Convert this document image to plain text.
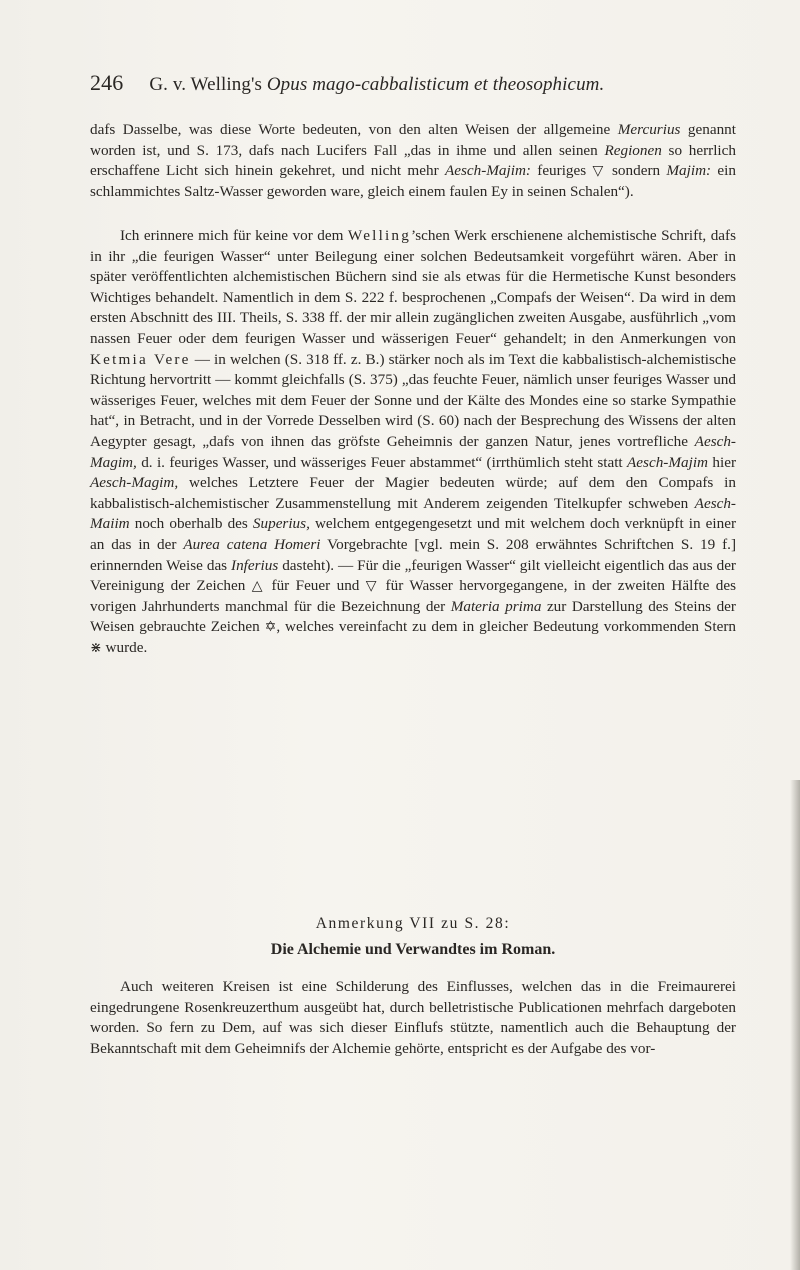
246 G. v. Welling's Opus mago-cabbalisticum et theosophicum.

dafs Dasselbe, was diese Worte bedeuten, von den alten Weisen der allgemeine Mercurius genannt worden ist, und S. 173, dafs nach Lucifers Fall „das in ihme und allen seinen Regionen so herrlich erschaffene Licht sich hinein gekehret, und nicht mehr Aesch-Majim: feuriges ▽ sondern Majim: ein schlammichtes Saltz-Wasser geworden ware, gleich einem faulen Ey in seinen Schalen“).

Ich erinnere mich für keine vor dem Welling’schen Werk erschienene alchemistische Schrift, dafs in ihr „die feurigen Wasser“ unter Beilegung einer solchen Bedeutsamkeit vorgeführt wären. Aber in später veröffentlichten alchemistischen Büchern sind sie als etwas für die Hermetische Kunst besonders Wichtiges behandelt. Namentlich in dem S. 222 f. besprochenen „Compafs der Weisen“. Da wird in dem ersten Abschnitt des III. Theils, S. 338 ff. der mir allein zugänglichen zweiten Ausgabe, ausführlich „vom nassen Feuer oder dem feurigen Wasser und wässerigen Feuer“ gehandelt; in den Anmerkungen von Ketmia Vere — in welchen (S. 318 ff. z. B.) stärker noch als im Text die kabbalistisch-alchemistische Richtung hervortritt — kommt gleichfalls (S. 375) „das feuchte Feuer, nämlich unser feuriges Wasser und wässeriges Feuer, welches mit dem Feuer der Sonne und der Kälte des Mondes eine so starke Sympathie hat“, in Betracht, und in der Vorrede Desselben wird (S. 60) nach der Besprechung des Wissens der alten Aegypter gesagt, „dafs von ihnen das gröfste Geheimnis der ganzen Natur, jenes vortrefliche Aesch-Magim, d. i. feuriges Wasser, und wässeriges Feuer abstammet“ (irrthümlich steht statt Aesch-Majim hier Aesch-Magim, welches Letztere Feuer der Magier bedeuten würde; auf dem den Compafs in kabbalistisch-alchemistischer Zusammenstellung mit Anderem zeigenden Titelkupfer schweben Aesch-Maiim noch oberhalb des Superius, welchem entgegengesetzt und mit welchem doch verknüpft in einer an das in der Aurea catena Homeri Vorgebrachte [vgl. mein S. 208 erwähntes Schriftchen S. 19 f.] erinnernden Weise das Inferius dasteht). — Für die „feurigen Wasser“ gilt vielleicht eigentlich das aus der Vereinigung der Zeichen △ für Feuer und ▽ für Wasser hervorgegangene, in der zweiten Hälfte des vorigen Jahrhunderts manchmal für die Bezeichnung der Materia prima zur Darstellung des Steins der Weisen gebrauchte Zeichen ✡, welches vereinfacht zu dem in gleicher Bedeutung vorkommenden Stern ⋇ wurde.

Anmerkung VII zu S. 28:
Die Alchemie und Verwandtes im Roman.

Auch weiteren Kreisen ist eine Schilderung des Einflusses, welchen das in die Freimaurerei eingedrungene Rosenkreuzerthum ausgeübt hat, durch belletristische Publicationen mehrfach dargeboten worden. So fern zu Dem, auf was sich dieser Einflufs stützte, namentlich auch die Behauptung der Bekanntschaft mit dem Geheimnifs der Alchemie gehörte, entspricht es der Aufgabe des vor-
